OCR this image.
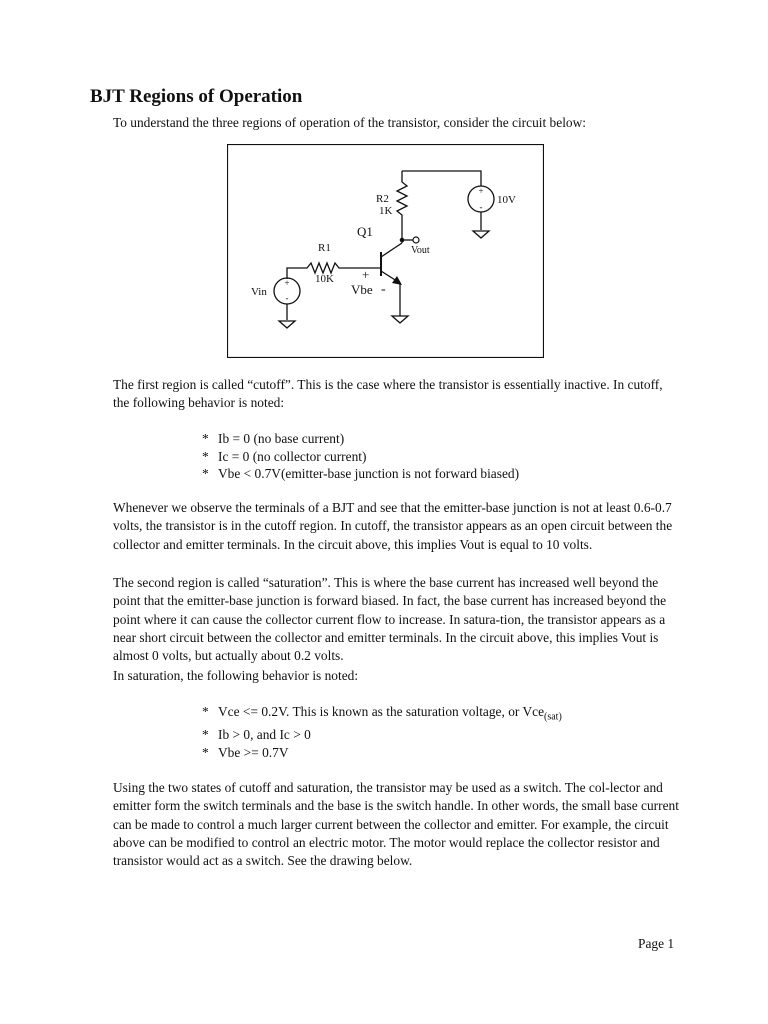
BJT Regions of Operation

To understand the three regions of operation of the transistor, consider the circuit below:

+
-
+
-
R2
1K
Q1
R1
10K
Vout
10V
Vin
+
Vbe -

The first region is called “cutoff”. This is the case where the transistor is essentially inactive. In cutoff, the following behavior is noted:

* Ib = 0 (no base current)
* Ic = 0 (no collector current)
* Vbe < 0.7V(emitter-base junction is not forward biased)

Whenever we observe the terminals of a BJT and see that the emitter-base junction is not at least 0.6-0.7 volts, the transistor is in the cutoff region. In cutoff, the transistor appears as an open circuit between the collector and emitter terminals. In the circuit above, this implies Vout is equal to 10 volts.

The second region is called “saturation”. This is where the base current has increased well beyond the point that the emitter-base junction is forward biased. In fact, the base current has increased beyond the point where it can cause the collector current flow to increase. In satura-tion, the transistor appears as a near short circuit between the collector and emitter terminals. In the circuit above, this implies Vout is almost 0 volts, but actually about 0.2 volts.

In saturation, the following behavior is noted:

* Vce <= 0.2V. This is known as the saturation voltage, or Vce$_{(sat)}$
* Ib > 0, and Ic > 0
* Vbe >= 0.7V

Using the two states of cutoff and saturation, the transistor may be used as a switch. The col-lector and emitter form the switch terminals and the base is the switch handle. In other words, the small base current can be made to control a much larger current between the collector and emitter. For example, the circuit above can be modified to control an electric motor. The motor would replace the collector resistor and transistor would act as a switch. See the drawing below.

Page 1
